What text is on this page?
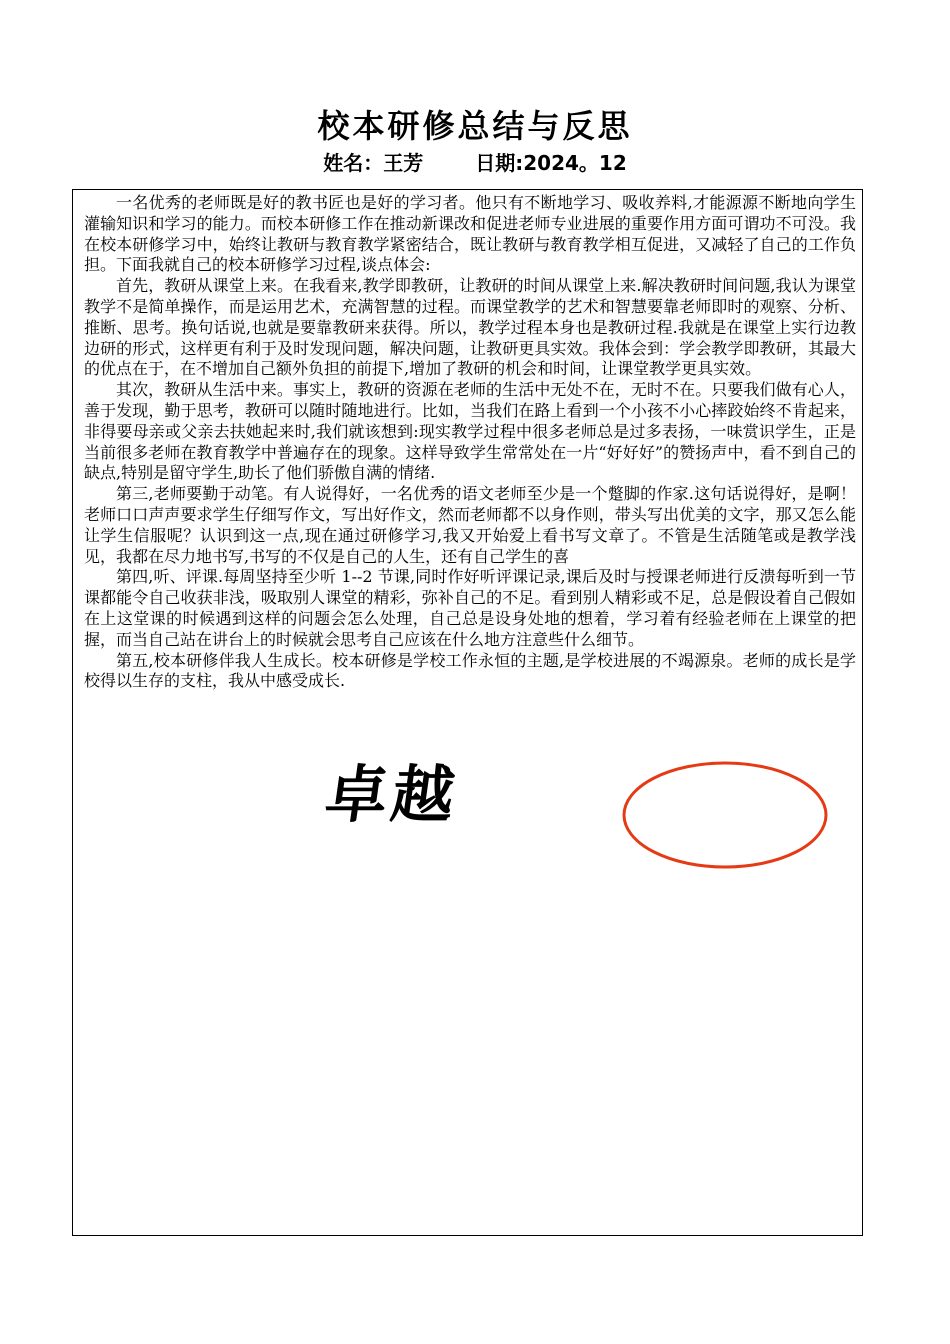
校本研修总结与反思
姓名：王芳	日期:2024。12

一名优秀的老师既是好的教书匠也是好的学习者。他只有不断地学习、吸收养料,才能源源不断地向学生灌输知识和学习的能力。而校本研修工作在推动新课改和促进老师专业进展的重要作用方面可谓功不可没。我在校本研修学习中，始终让教研与教育教学紧密结合，既让教研与教育教学相互促进，又减轻了自己的工作负担。下面我就自己的校本研修学习过程,谈点体会:

首先，教研从课堂上来。在我看来,教学即教研，让教研的时间从课堂上来.解决教研时间问题,我认为课堂教学不是简单操作，而是运用艺术，充满智慧的过程。而课堂教学的艺术和智慧要靠老师即时的观察、分析、推断、思考。换句话说,也就是要靠教研来获得。所以，教学过程本身也是教研过程.我就是在课堂上实行边教边研的形式，这样更有利于及时发现问题，解决问题，让教研更具实效。我体会到：学会教学即教研，其最大的优点在于，在不增加自己额外负担的前提下,增加了教研的机会和时间，让课堂教学更具实效。

其次，教研从生活中来。事实上，教研的资源在老师的生活中无处不在，无时不在。只要我们做有心人，善于发现，勤于思考，教研可以随时随地进行。比如，当我们在路上看到一个小孩不小心摔跤始终不肯起来，非得要母亲或父亲去扶她起来时,我们就该想到:现实教学过程中很多老师总是过多表扬，一味赏识学生，正是当前很多老师在教育教学中普遍存在的现象。这样导致学生常常处在一片“好好好”的赞扬声中，看不到自己的缺点,特别是留守学生,助长了他们骄傲自满的情绪.

第三,老师要勤于动笔。有人说得好，一名优秀的语文老师至少是一个蹩脚的作家.这句话说得好，是啊！老师口口声声要求学生仔细写作文，写出好作文，然而老师都不以身作则，带头写出优美的文字，那又怎么能让学生信服呢？认识到这一点,现在通过研修学习,我又开始爱上看书写文章了。不管是生活随笔或是教学浅见，我都在尽力地书写,书写的不仅是自己的人生，还有自己学生的喜

第四,听、评课.每周坚持至少听 1--2 节课,同时作好听评课记录,课后及时与授课老师进行反溃每听到一节课都能令自己收获非浅，吸取别人课堂的精彩，弥补自己的不足。看到别人精彩或不足，总是假设着自己假如在上这堂课的时候遇到这样的问题会怎么处理，自己总是设身处地的想着，学习着有经验老师在上课堂的把握，而当自己站在讲台上的时候就会思考自己应该在什么地方注意些什么细节。

第五,校本研修伴我人生成长。校本研修是学校工作永恒的主题,是学校进展的不竭源泉。老师的成长是学校得以生存的支柱，我从中感受成长.

卓越
